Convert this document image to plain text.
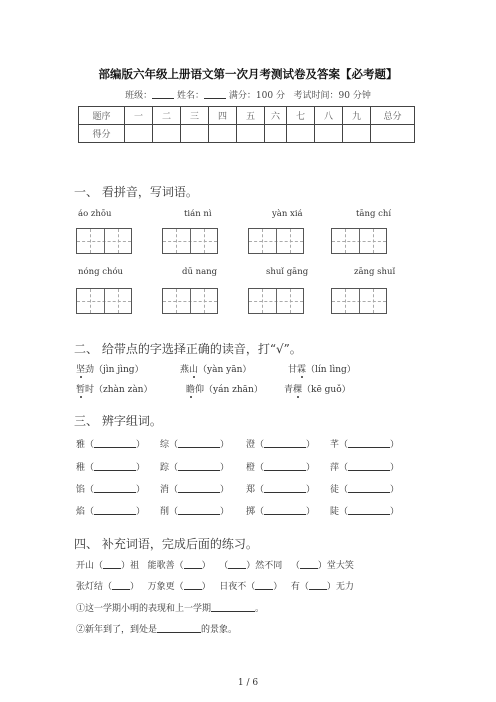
部编版六年级上册语文第一次月考测试卷及答案【必考题】
班级：	姓名：	满分：100 分 考试时间：90 分钟
题序	一	二	三	四	五	六	七	八	九	总分
得分										
一、 看拼音，写词语。
áo zhōu	tián nì	yàn xiá	tāng chí
nóng chóu	dū nang	shuǐ gāng	zāng shuǐ
二、 给带点的字选择正确的读音，打“√”。
坚劲（jìn jìng）	燕山（yàn yān）	甘霖（lín lìng）
暂时（zhàn zàn）	瞻仰（yán zhān） 青稞（kē guǒ）
三、 辨字组词。
雅（	） 综（	） 澄（	） 芊（	）
稚（	） 踪（	） 橙（	） 萍（	）
馅（	） 消（	） 郑（	） 徒（	）
焰（	） 削（	） 掷（	） 陡（	）
四、 补充词语，完成后面的练习。
开山（ ）祖 能歌善（ ） （ ）然不同 （ ）堂大笑
张灯结（ ） 万象更（ ） 日夜不（ ） 有（ ）无力
①这一学期小明的表现和上一学期	。
②新年到了，到处是	的景象。
1 / 6
